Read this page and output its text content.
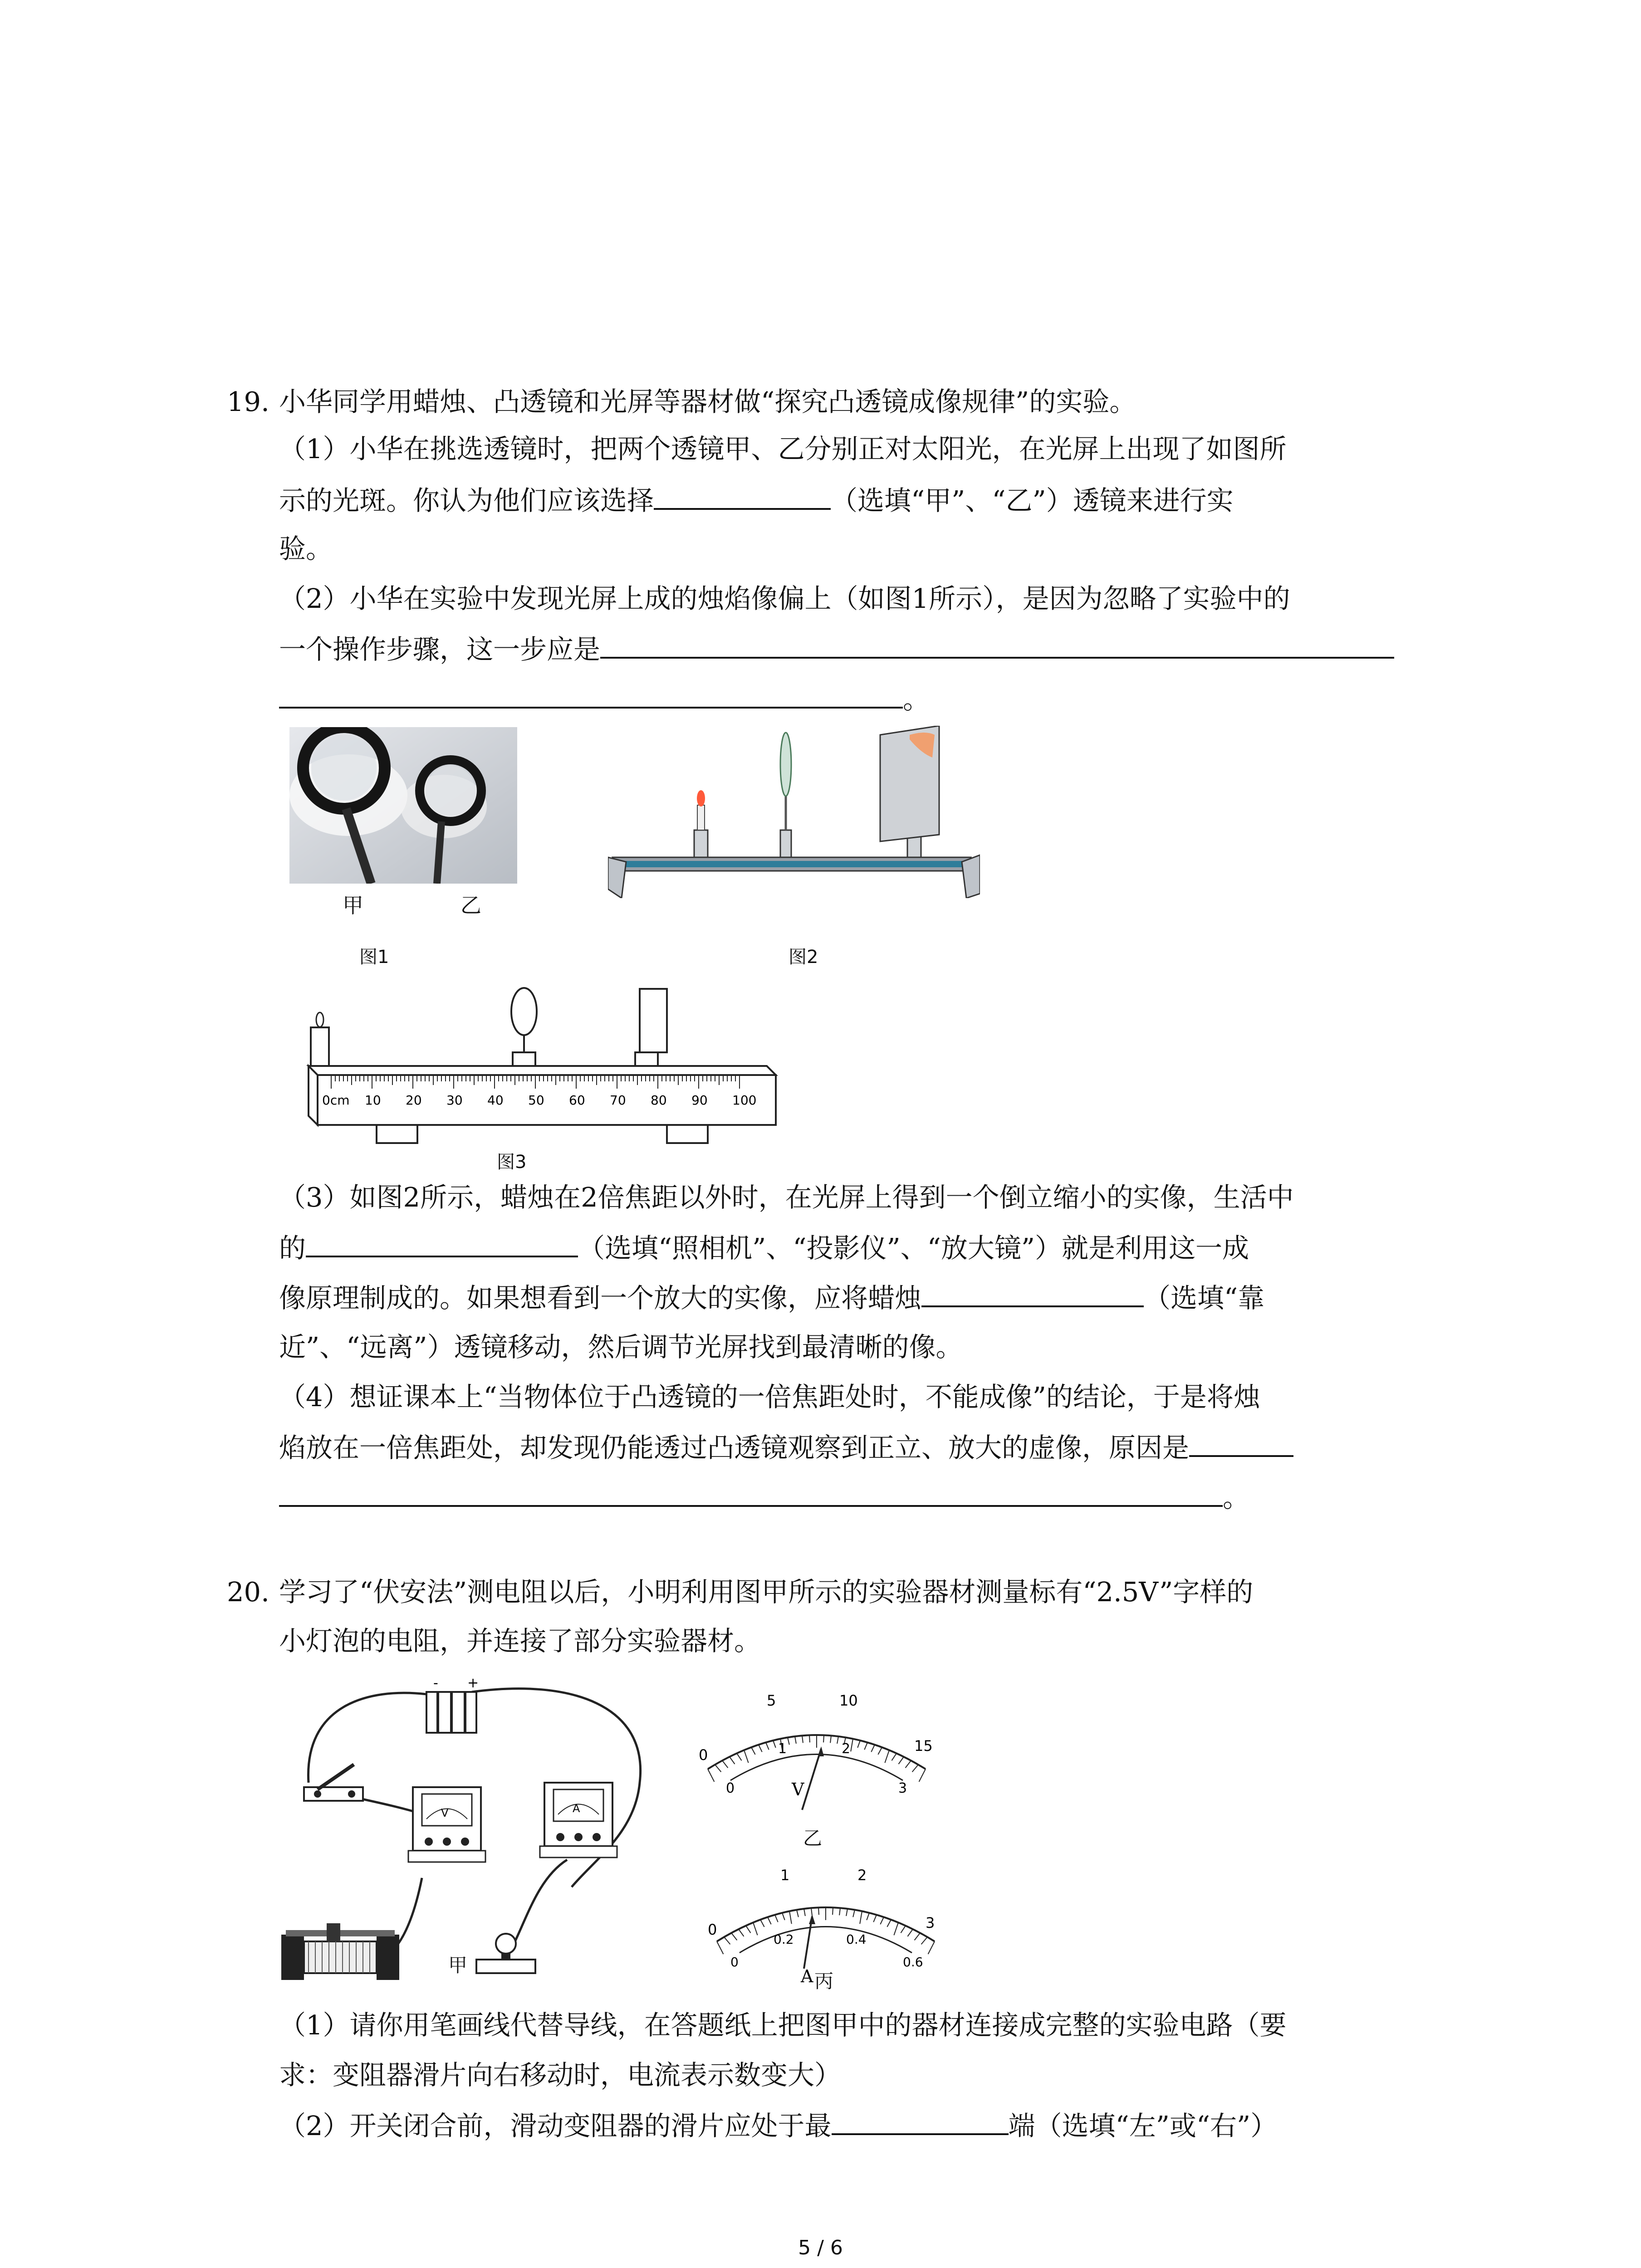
19. 小华同学用蜡烛、凸透镜和光屏等器材做“探究凸透镜成像规律”的实验。
（1）小华在挑选透镜时，把两个透镜甲、乙分别正对太阳光，在光屏上出现了如图所
示的光斑。你认为他们应该选择	（选填“甲”、“乙”）透镜来进行实
验。
（2）小华在实验中发现光屏上成的烛焰像偏上（如图1所示），是因为忽略了实验中的
一个操作步骤，这一步应是
。
甲	乙
图1	图2
0cm 10 20 30 40 50 60 70 80 90 100
图3
（3）如图2所示，蜡烛在2倍焦距以外时，在光屏上得到一个倒立缩小的实像，生活中
的	（选填“照相机”、“投影仪”、“放大镜”）就是利用这一成
像原理制成的。如果想看到一个放大的实像，应将蜡烛	（选填“靠
近”、“远离”）透镜移动，然后调节光屏找到最清晰的像。
（4）想证课本上“当物体位于凸透镜的一倍焦距处时，不能成像”的结论，于是将烛
焰放在一倍焦距处，却发现仍能透过凸透镜观察到正立、放大的虚像，原因是
。
20. 学习了“伏安法”测电阻以后，小明利用图甲所示的实验器材测量标有“2.5V”字样的
小灯泡的电阻，并连接了部分实验器材。
- +
V	A
甲
0
5	10
15
0
1	2
3
V
乙
0
1	2
3
0
0.2	0.4
0.6
A 丙
（1）请你用笔画线代替导线，在答题纸上把图甲中的器材连接成完整的实验电路（要
求：变阻器滑片向右移动时，电流表示数变大）
（2）开关闭合前，滑动变阻器的滑片应处于最	端（选填“左”或“右”）
5 / 6
